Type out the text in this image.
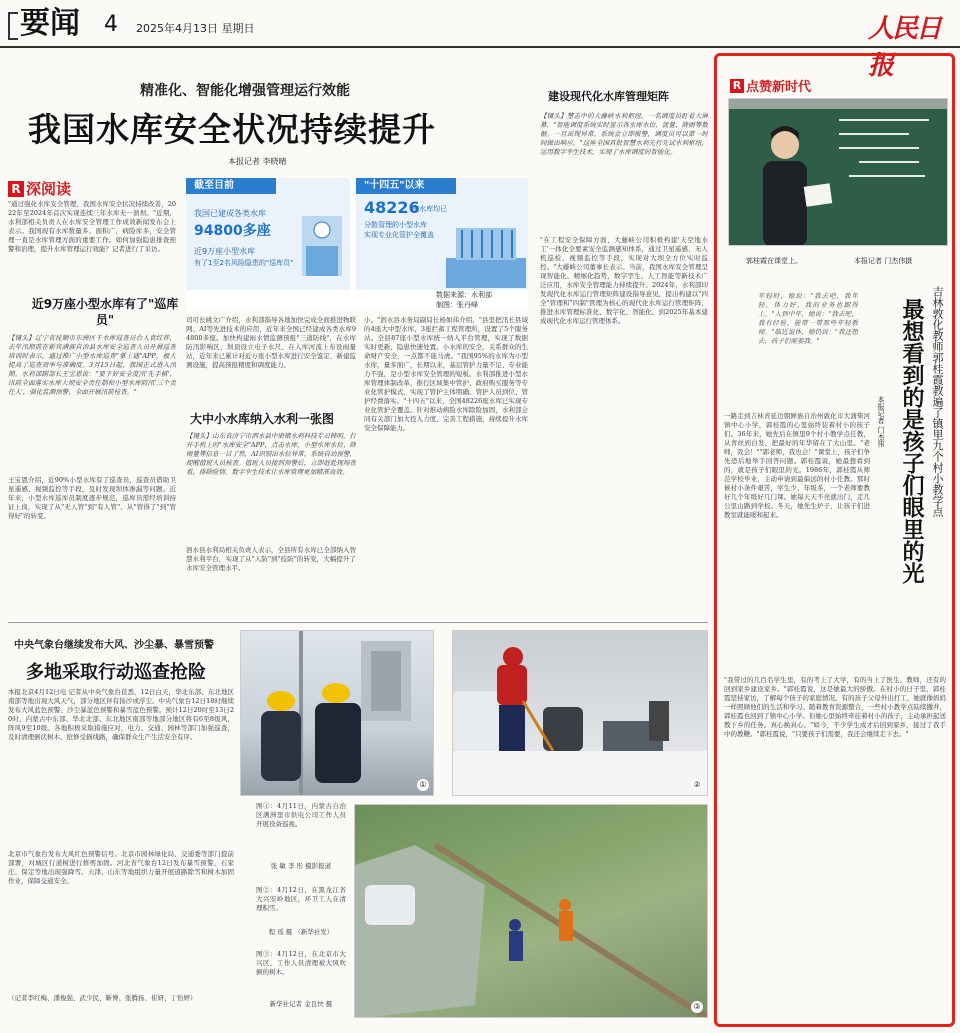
要闻 4 2025年4月13日 星期日	人民日报
精准化、智能化增强管理运行效能
我国水库安全状况持续提升
本报记者 李晓晴
R 深阅读
"通过强化水库安全管理，我国水库安全状况持续改善，2022年至2024年首次实现连续三年水库无一溃坝。"近期，水利部相关负责人在水库安全管理工作成效新闻发布会上表示。我国现有水库数量多、面积广，病险库多，安全管理一直是水库管理方面的重要工作。如何加强隐患排查预警和治理，提升水库管理运行效能？记者进行了采访。
近9万座小型水库有了"巡库员"
【镜头】辽宁省抚顺市东洲区千水库巡查员台人袁红祥，去年汛期前在新宾满族自治县水库安全巡查人员开展巡查培训时表示，通过推广小型水库巡查"掌上通"APP，极大提高了巡查效率与准确度。3月15日起，我国正式进入汛期。水利部副部长王宝恩说："要下好安全度汛'先手棋'，汛前全面落实水库大坝安全责任制和小型水库防汛'三个责任人'，强化监测预警，全面开展汛前检查。"
王宝恩介绍，近90%小型水库有了巡查员，巡查员借助卫星遥感、视频监控等手段，及时发现坝体渗漏等问题。近年来，小型水库巡库员制度逐步规范，巡库员需经培训持证上岗，实现了从"无人管"到"有人管"、从"管得了"到"管得好"的转变。
截至目前
我国已建成各类水库
94800多座
近9万座小型水库
有了1至2名风险隐患的"巡库员"
"十四五"以来
48226
座水库均已
分散管理的小型水库
实现专业化管护全覆盖
数据来源：水利部
制图：张丹峰
司可长姚文广介绍，水利部指导各地加快完成全面推进物联网、AI等先进技术的应用，近年来全国已经建成各类水库94800多座。加快构建雨水情监测预报"三道防线"，在水库防汛影响区，坝顶设立电子水尺、在入库河流上布设雨量站，近年来已累计对近万座小型水库进行安全鉴定，新建监测设施，提高预报精度和调度能力。
大中小水库纳入水利一张图
【镜头】山东省济宁市泗水县中册镇水利科技专员韩明，打开手机上的"水库安全"APP，点击水库，小型水库水位、降雨量等信息一目了然，AI识别出水位异常，系统自动预警，提醒值班人员核查。值班人员接到预警后，立即赶赴现场查看，排除险情。数字孪生技术让水库管理更加精准高效。
泗水县水利局相关负责人表示，全县所有水库已全部纳入智慧水利平台，实现了从"人防"到"技防"的转变，大幅提升了水库安全管理水平。
小。"泗水县水务局副局长杨如玮介绍，"县里把汛长县域的4座大中型水库、3座拦蓄工程管理所，设置了5个服务站。全县87座小型水库统一纳入平台管理，实现了数据实时更新、隐患快速处置。小水库的安全，关系群众的生命财产安全，一点都不能马虎。"我国95%的水库为小型水库，量多面广，长期以来，基层管护力量不足、专业能力不强，是小型水库安全管理的短板。水利部推进小型水库管理体制改革，推行区域集中管护、政府购买服务等专业化管护模式，实现了管护主体明确、管护人员到位、管护经费落实。"十四五"以来，全国48226座水库已实现专业化管护全覆盖。针对推动病险水库除险加固，水利部会同有关部门加大投入力度，完善工程措施，持续提升水库安全保障能力。
建设现代化水库管理矩阵
【镜头】慧志中的大藤峡水利枢纽，一名调度员盯着大屏幕，"智能调度系统实时显示各水库水位、流量、降雨等数据。一旦出现异常，系统会立即报警，调度员可以第一时间做出响应。"这座全国首批智慧水利先行先试水利枢纽，运用数字孪生技术，实现了水库调度的智能化。
"在工程安全保障方面，大藤峡公司积极构建'天空地水工'一体化全要素安全监测感知体系，通过卫星遥感、无人机巡检、视频监控等手段，实现对大坝全方位实时监控。"大藤峡公司董事长表示。当前，我国水库安全管理呈现智能化、精细化趋势，数字孪生、人工智能等新技术广泛应用，水库安全管理能力持续提升。2024年，水利部印发现代化水库运行管理矩阵建设指导意见，提出构建以"四全"管理和"四制"管理为核心的现代化水库运行管理矩阵，推进水库管理标准化、数字化、智能化，到2025年基本建成现代化水库运行管理体系。
中央气象台继续发布大风、沙尘暴、暴雪预警
多地采取行动巡查抢险
本报北京4月12日电 记者从中央气象台获悉，12日白天，华北东部、东北地区南部等地出现大风天气，部分地区伴有扬沙或浮尘。中央气象台12日18时继续发布大风蓝色预警、沙尘暴蓝色预警和暴雪蓝色预警。预计12日20时至13日20时，内蒙古中东部、华北北部、东北地区南部等地部分地区将有6至8级风，阵风9至10级。各地积极采取措施应对，电力、交通、园林等部门加强巡查，及时清理倒伏树木、抢修受损线路，确保群众生产生活安全有序。
北京市气象台发布大风红色预警信号。北京市园林绿化局、交通委等部门提前部署，对城区行道树进行修剪加固。河北省气象台12日发布暴雪预警，石家庄、保定等地出现强降雪。天津、山东等地组织力量开展道路除雪和树木加固作业，保障交通安全。
（记者李红梅、潘俊强、武少民、靳博、张腾扬、崔妍、丁怡婷）
①	②
图①：4月11日，内蒙古自治区满洲里市供电公司工作人员开展设备巡视。
张 敏 李 彤 摄影报道
图②：4月12日，在黑龙江省大兴安岭地区，环卫工人在清理积雪。
程 瑶 摄 （新华社发）
图③：4月12日，在北京市大兴区，工作人员清理被大风吹倒的树木。
新华社记者 金良快 摄	③
R 点赞新时代
郭桂霞在课堂上。	本报记者 门杰伟摄
吉林敦化教师郭桂霞教遍了镇里九个村小教学点
最想看到的是孩子们眼里的光
本报记者 门杰伟
年轻时，她说："我去吧，我年轻，体力好，我的业务也跟得上。"人到中年，她说："我去吧，我有经验，能带一带那些年轻教师。"临近退休，她仍说："我还想去，孩子们需要我。"
一路走到吉林省延边朝鲜族自治州敦化市大蒲柴河镇中心小学，郭桂霞的心里始终装着村小的孩子们。36年来，她先后在镇里9个村小教学点任教，从青丝到白发，把最好的年华留在了大山里。"老师，我会！""郭老师，我也会！"课堂上，孩子们争先恐后地举手回答问题。郭桂霞说，她最想看到的，就是孩子们眼里的光。1986年，郭桂霞从师范学校毕业，主动申请到最偏远的村小任教。那时候村小条件艰苦，学生少、年级多，一个老师要教好几个年级好几门课。她每天天不亮就出门，走几公里山路到学校。冬天，她先生炉子，让孩子们进教室就能暖和起来。
"我带过的几百名学生里，有的考上了大学，有的当上了医生、教师，还有的回到家乡建设家乡。"郭桂霞说，这是她最大的骄傲。在村小的日子里，郭桂霞坚持家访，了解每个孩子的家庭情况。有的孩子父母外出打工，她就像妈妈一样照顾他们的生活和学习。随着教育资源整合，一些村小教学点陆续撤并，郭桂霞也回到了镇中心小学。但她心里始终牵挂着村小的孩子，主动承担起送教下乡的任务。真心换真心。"如今，不少学生成才后回到家乡，接过了我手中的教鞭。"郭桂霞说，"只要孩子们需要，我还会继续走下去。"
